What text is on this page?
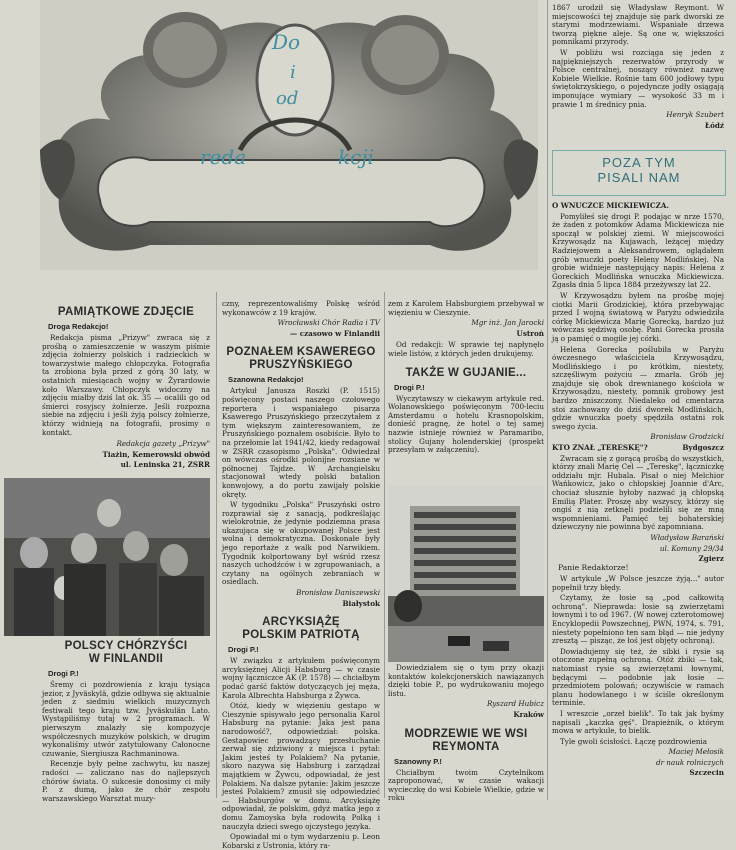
Do
i
od
reda	kcji

1867 urodził się Władysław Reymont. W miejscowości tej znajduje się park dworski ze starymi modrzewiami. Wspaniałe drzewa tworzą piękne aleje. Są one w, większości pomnikami przyrody.

W pobliżu wsi rozciąga się jeden z najpiękniejszych rezerwatów przyrody w Polsce centralnej, noszący również nazwę Kobiele Wielkie. Rośnie tam 600 jodłowy typu świętokrzyskiego, o pojedyncze jodły osiągają imponujące wymiary — wysokość 33 m i prawie 1 m średnicy pnia.

Henryk Szubert
Łódź
POZA TYM
PISALI NAM

O WNUCZCE MICKIEWICZA.

Pomyliłeś się drogi P. podając w nrze 1570, że żaden z potomków Adama Mickiewicza nie spoczął w polskiej ziemi. W miejscowości Krzywosądz na Kujawach, leżącej między Radziejowem a Aleksandrowem, oglądałem grób wnuczki poety Heleny Modlińskiej. Na grobie widnieje następujący napis: Helena z Goreckich Modlińska wnuczka Mickiewicza. Zgasła dnia 5 lipca 1884 przeżywszy lat 22.

W Krzywosądzu byłem na prośbę mojej ciotki Marii Grodzickiej, która przebywając przed I wojną światową w Paryżu odwiedziła córkę Mickiewicza Marię Gorecką, bardzo już wówczas sędziwą osobę. Pani Gorecka prosiła ją o pamięć o mogile jej córki.

Helena Gorecka poślubiła w Paryżu ówczesnego właściciela Krzywosądzu, Modlińskiego i po krótkim, niestety, szczęśliwym pożyciu — zmarła. Grób jej znajduje się obok drewnianego kościoła w Krzywosądzu, niestety, pomnik grobowy jest bardzo zniszczony. Niedaleko od cmentarza stoi zachowany do dziś dworek Modlińskich, gdzie wnuczka poety spędziła ostatni rok swego życia.

Bronisław Grodzicki
Bydgoszcz

KTO ZNAŁ „TERESKĘ"?

Zwracam się z gorącą prośbą do wszystkich, którzy znali Marię Cel — „Tereskę", łączniczkę oddziału mjr. Hubala. Pisał o niej Melchior Wańkowicz, jako o chłopskiej Joannie d'Arc, chociaż słusznie byłoby nazwać ją chłopską Emilią Plater. Proszę aby wszyscy, którzy się ongiś z nią zetknęli podzielili się ze mną wspomnieniami. Pamięć tej bohaterskiej dziewczyny nie powinna być zapomniana.

Władysław Barański
ul. Komuny 29/34
Zgierz
Panie Redaktorze!

W artykule „W Polsce jeszcze żyją..." autor popełnił trzy błędy.

Czytamy, że łosie są „pod całkowitą ochroną". Nieprawda: łosie są zwierzętami łownymi i to od 1967. (W nowej czterotomowej Encyklopedii Powszechnej, PWN, 1974, s. 791, niestety popełniono ten sam błąd — nie jedyny zresztą — pisząc, że łoś jest objęty ochroną).

Dowiadujemy się też, że sibki i rysie są otoczone zupełną ochroną. Otóż żbiki — tak, natomiast rysie są zwierzętami łownymi, będącymi — podobnie jak łosie — przedmiotem polowań; oczywiście w ramach planu hodowlanego i w ściśle określonym terminie.

I wreszcie „orzeł bielik". To tak jak byśmy napisali „kaczka gęś". Drapieżnik, o którym mowa w artykule, to bielik.

Tyle gwoli ścisłości. Łączę pozdrowienia

Maciej Mełosik
dr nauk rolniczych
Szczecin
PAMIĄTKOWE ZDJĘCIE
Droga Redakcjo!

Redakcja pisma „Prizyw" zwraca się z prośbą o zamieszczenie w waszym piśmie zdjęcia żołnierzy polskich i radzieckich w towarzystwie małego chłopczyka. Fotografia ta zrobiona była przed z górą 30 laty, w ostatnich miesiącach wojny w Żyrardowie koło Warszawy. Chłopczyk widoczny na zdjęciu miałby dziś lat ok. 35 — ocalili go od śmierci rosyjscy żołnierze. Jeśli rozpozna siebie na zdjęciu i jeśli żyją polscy żołnierze, którzy widnieją na fotografii, prosimy o kontakt.

Redakcja gazety „Prizyw"
Tiażin, Kemerowski obwód
ul. Leninska 21, ZSRR
POLSCY CHÓRZYŚCI
W FINLANDII
Drogi P.!

Śremy ci pozdrowienia z kraju tysiąca jezior, z Jyväskylä, gdzie odbywa się aktualnie jeden z siedmiu wielkich muzycznych festiwali tego kraju tzw. Jyväskulän Lato. Wystąpiliśmy tutaj w 2 programach. W pierwszym znalazły się kompozycje współczesnych muzyków polskich, w drugim wykonaliśmy utwór zatytułowany Całonocne czuwanie, Siergiusza Rachmaninowa.

Recenzje były pełne zachwytu, ku naszej radości — zaliczano nas do najlepszych chórów świata. O sukcesie donosimy ci miły P. z dumą, jako że chór zespołu warszawskiego Warsztat muzy-

czny, reprezentowaliśmy Polskę wśród wykonawców z 19 krajów.

Wrocławski Chór Radia i TV
— czasowo w Finlandii
POZNAŁEM KSAWEREGO
PRUSZYŃSKIEGO
Szanowna Redakcjo!

Artykuł Janusza Roszki (P. 1515) poświęcony postaci naszego czołowego reportera i wspaniałego pisarza Ksawerego Pruszyńskiego przeczytałem z tym większym zainteresowaniem, że Pruszyńskiego poznałem osobiście. Było to na przełomie lat 1941/42, kiedy redagował w ZSRR czasopismo „Polska". Odwiedzał on wówczas ośrodki polonijne rozsiane w północnej Tajdze. W Archangielsku stacjonował wtedy polski batalion konwojowy, a do portu zawijały polskie okręty.

W tygodniku „Polska" Pruszyński ostro rozprawiał się z sanacją, podkreślając wielokrotnie, że jedynie podziemna prasa ukazująca się w okupowanej Polsce jest wolna i demokratyczna. Doskonałe były jego reportaże z walk pod Narwikiem. Tygodnik kolportowany był wśród rzesz naszych uchodźców i w zgrupowaniach, a czytany na ogólnych zebraniach w osiedlach.

Bronisław Daniszewski
Białystok
ARCYKSIĄŻĘ
POLSKIM PATRIOTĄ
Drogi P.!

W związku z artykułem poświęconym arcyksiężnej Alicji Habsburg — w czasie wojny łączniczce AK (P. 1578) — chciałbym podać garść faktów dotyczących jej męża, Karola Albrechta Habsburga z Żywca.

Otóż, kiedy w więzieniu gestapo w Cieszynie spisywało jego personalia Karol Habsburg na pytanie: Jaka jest pana narodowość?, odpowiedział: polska. Gestapowiec prowadzący przesłuchanie zerwał się zdziwiony z miejsca i pytał: Jakim jesteś ty Polakiem? Na pytanie, skoro nazywa się Habsburg i zarządzał majątkiem w Żywcu, odpowiadał, że jest Polakiem. Na dalsze pytanie: Jakim jeszcze jesteś Polakiem? zmusił się odpowiedzieć — Habsburgów w domu. Arcyksiążę odpowiadał, że polskim, gdyż matka jego z domu Zamoyska była rodowitą Polką i nauczyła dzieci swego ojczystego języka.

Opowiadał mi o tym wydarzeniu p. Leon Kobarski z Ustronia, który ra-

zem z Karolem Habsburgiem przebywał w więzieniu w Cieszynie.

Mgr inż. Jan Jarocki
Ustroń

Od redakcji: W sprawie tej napłynęło wiele listów, z których jeden drukujemy.

TAKŻE W GUJANIE...
Drogi P.!

Wyczytawszy w ciekawym artykule red. Wolanowskiego poświęconym 700-leciu Amsterdamu o hotelu Krasnopolskim, donieść pragnę, że hotel o tej samej nazwie istnieje również w Paramaribo, stolicy Gujany holenderskiej (prospekt przesyłam w załączeniu).

Dowiedziałem się o tym przy okazji kontaktów kolekcjonerskich nawiązanych dzięki tobie P., po wydrukowaniu mojego listu.

Ryszard Hubicz
Kraków
MODRZEWIE WE WSI
REYMONTA
Szanowny P.!

Chciałbym twoim Czytelnikom zaproponować, w czasie wakacji wycieczkę do wsi Kobiele Wielkie, gdzie w roku
